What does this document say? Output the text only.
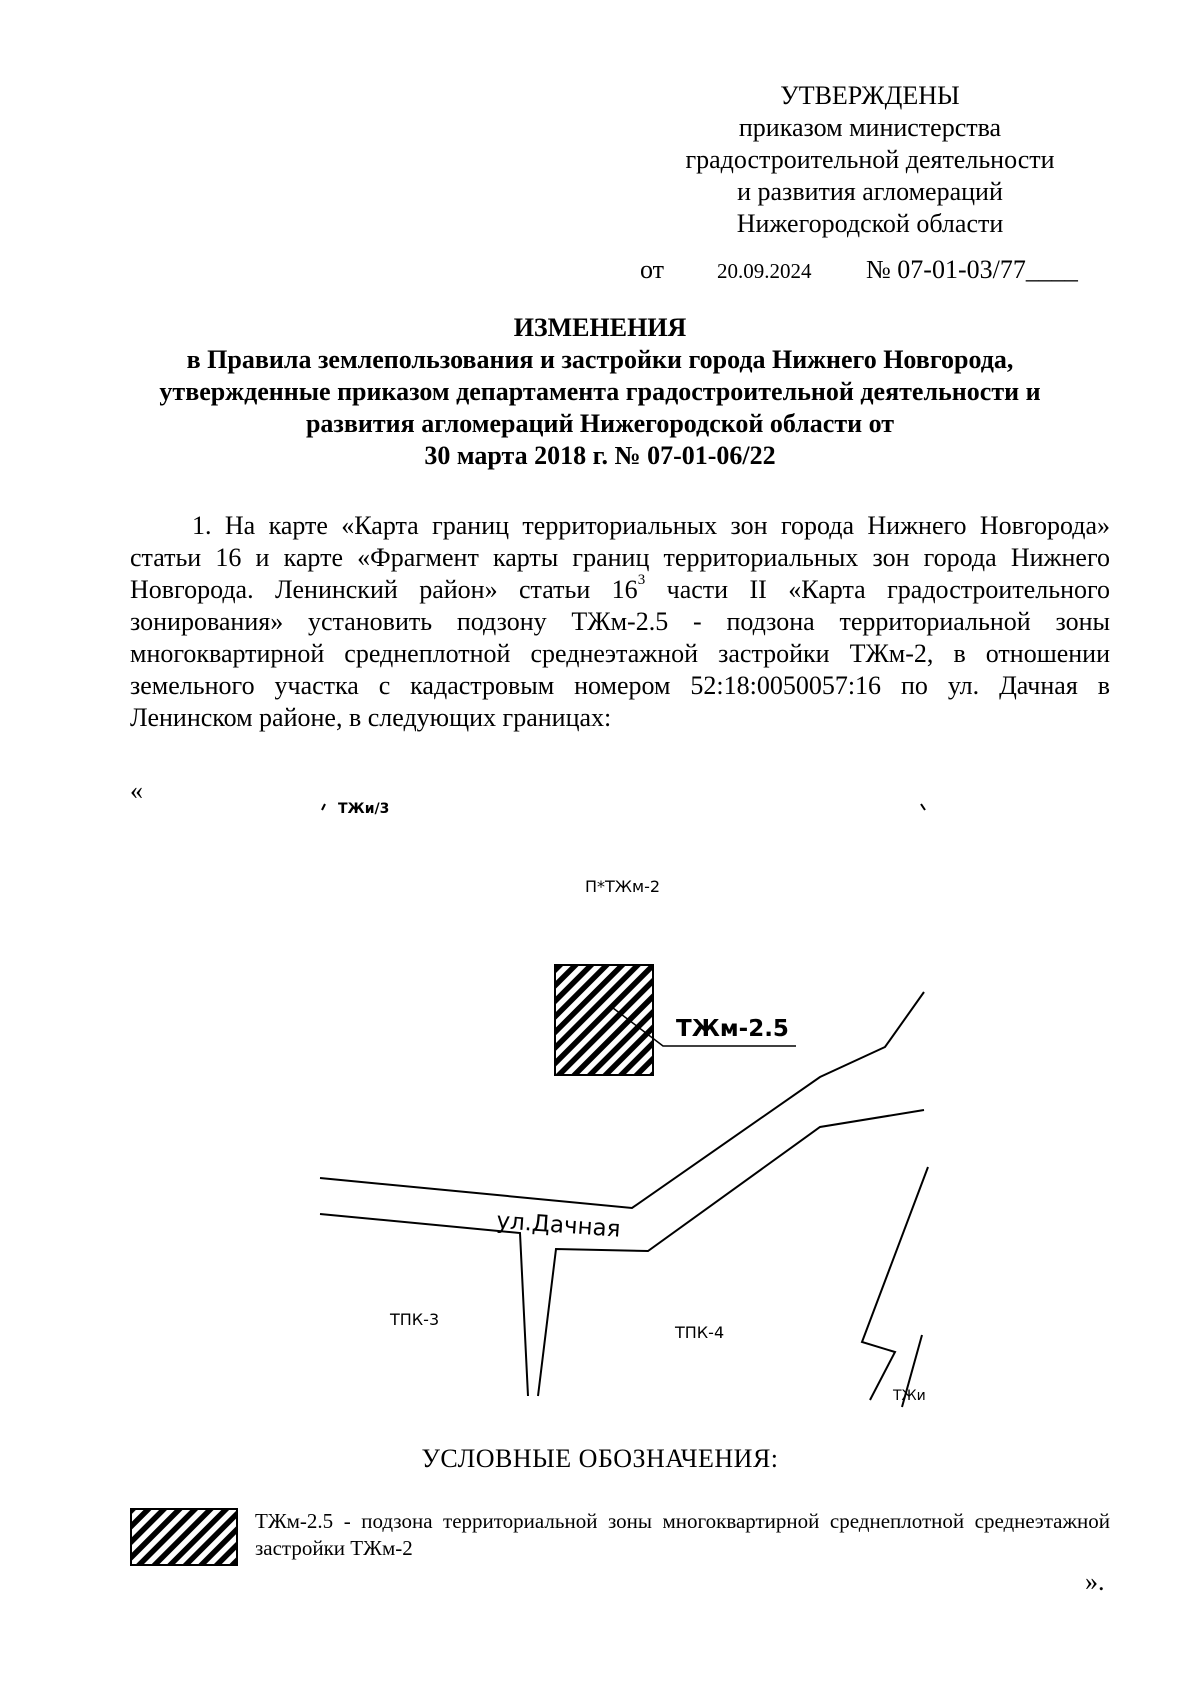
УТВЕРЖДЕНЫ
приказом министерства
градостроительной деятельности
и развития агломераций
Нижегородской области
от	20.09.2024 № 07-01-03/77____
ИЗМЕНЕНИЯ
в Правила землепользования и застройки города Нижнего Новгорода,
утвержденные приказом департамента градостроительной деятельности и
развития агломераций Нижегородской области от
30 марта 2018 г. № 07-01-06/22
1. На карте «Карта границ территориальных зон города Нижнего Новгорода» статьи 16 и карте «Фрагмент карты границ территориальных зон города Нижнего Новгорода. Ленинский район» статьи $16^3$ части II «Карта градостроительного зонирования» установить подзону ТЖм-2.5 - подзона территориальной зоны многоквартирной среднеплотной среднеэтажной застройки ТЖм-2, в отношении земельного участка с кадастровым номером 52:18:0050057:16 по ул. Дачная в Ленинском районе, в следующих границах:
«
ТЖи/3
П*ТЖм-2
ТЖм-2.5
ул.Дачная
ТПК-3
ТПК-4
ТЖи
УСЛОВНЫЕ ОБОЗНАЧЕНИЯ:
ТЖм-2.5 - подзона территориальной зоны многоквартирной среднеплотной среднеэтажной застройки ТЖм-2
».
